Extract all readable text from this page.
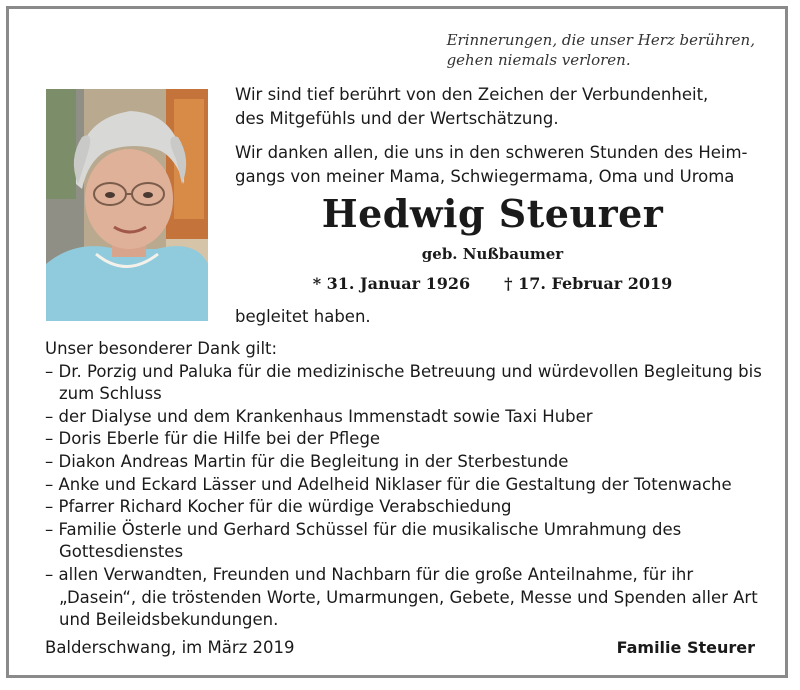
Erinnerungen, die unser Herz berühren,
gehen niemals verloren.

Wir sind tief berührt von den Zeichen der Verbundenheit,
des Mitgefühls und der Wertschätzung.

Wir danken allen, die uns in den schweren Stunden des Heim-
gangs von meiner Mama, Schwiegermama, Oma und Uroma

Hedwig Steurer
geb. Nußbaumer
* 31. Januar 1926 † 17. Februar 2019
begleitet haben.

Unser besonderer Dank gilt:

– Dr. Porzig und Paluka für die medizinische Betreuung und würdevollen Begleitung bis zum Schluss
– der Dialyse und dem Krankenhaus Immenstadt sowie Taxi Huber
– Doris Eberle für die Hilfe bei der Pflege
– Diakon Andreas Martin für die Begleitung in der Sterbestunde
– Anke und Eckard Lässer und Adelheid Niklaser für die Gestaltung der Totenwache
– Pfarrer Richard Kocher für die würdige Verabschiedung
– Familie Österle und Gerhard Schüssel für die musikalische Umrahmung des Gottesdienstes
– allen Verwandten, Freunden und Nachbarn für die große Anteilnahme, für ihr „Dasein“, die tröstenden Worte, Umarmungen, Gebete, Messe und Spenden aller Art und Beileidsbekundungen.
Balderschwang, im März 2019	Familie Steurer
